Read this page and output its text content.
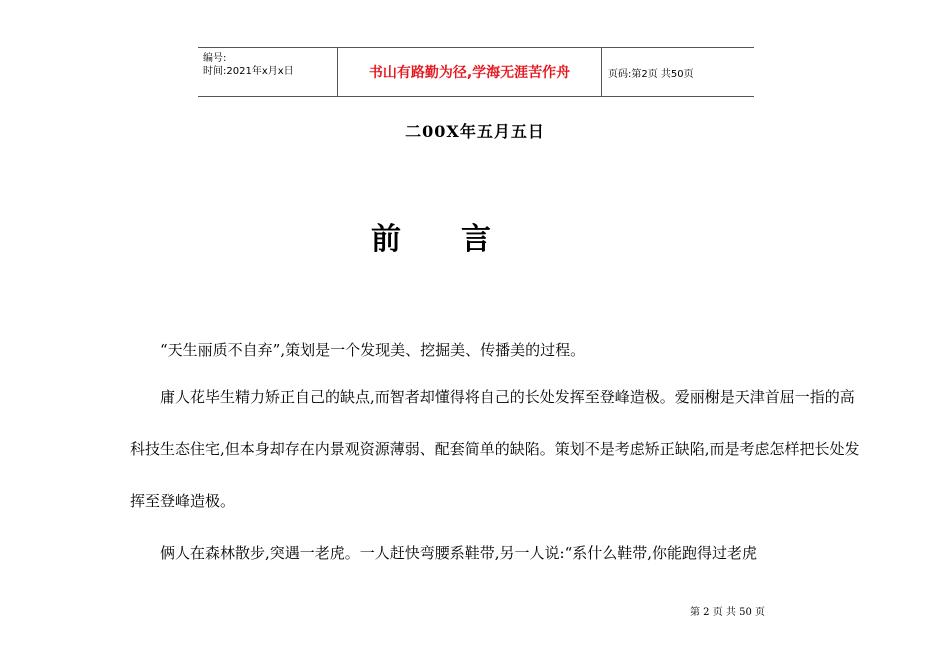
编号:
时间:2021年x月x日	书山有路勤为径,学海无涯苦作舟	页码:第2页 共50页
二00X年五月五日
前 言

“天生丽质不自弃”,策划是一个发现美、挖掘美、传播美的过程。

庸人花毕生精力矫正自己的缺点,而智者却懂得将自己的长处发挥至登峰造极。爱丽榭是天津首屈一指的高科技生态住宅,但本身却存在内景观资源薄弱、配套简单的缺陷。策划不是考虑矫正缺陷,而是考虑怎样把长处发挥至登峰造极。

俩人在森林散步,突遇一老虎。一人赶快弯腰系鞋带,另一人说:“系什么鞋带,你能跑得过老虎

第 2 页 共 50 页
